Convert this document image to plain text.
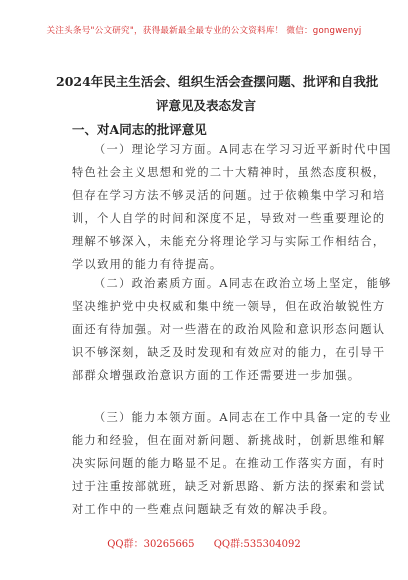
关注头条号"公文研究"，获得最新最全最专业的公文资料库！ 微信：gongwenyj
2024年民主生活会、组织生活会查摆问题、批评和自我批
评意见及表态发言
一、对A同志的批评意见
（一）理论学习方面。A同志在学习习近平新时代中国
特色社会主义思想和党的二十大精神时，虽然态度积极，
但存在学习方法不够灵活的问题。过于依赖集中学习和培
训，个人自学的时间和深度不足，导致对一些重要理论的
理解不够深入，未能充分将理论学习与实际工作相结合，
学以致用的能力有待提高。
（二）政治素质方面。A同志在政治立场上坚定，能够
坚决维护党中央权威和集中统一领导，但在政治敏锐性方
面还有待加强。对一些潜在的政治风险和意识形态问题认
识不够深刻，缺乏及时发现和有效应对的能力，在引导干
部群众增强政治意识方面的工作还需要进一步加强。
（三）能力本领方面。A同志在工作中具备一定的专业
能力和经验，但在面对新问题、新挑战时，创新思维和解
决实际问题的能力略显不足。在推动工作落实方面，有时
过于注重按部就班，缺乏对新思路、新方法的探索和尝试
对工作中的一些难点问题缺乏有效的解决手段。
QQ群：30265665 QQ群:535304092
